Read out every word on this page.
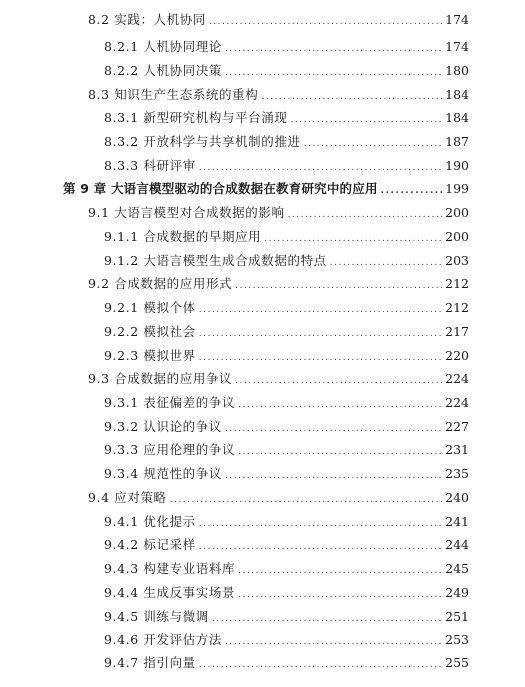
8.2 实践：人机协同 .....	174
8.2.1 人机协同理论 .....	174
8.2.2 人机协同决策 .....	180
8.3 知识生产生态系统的重构 .....	184
8.3.1 新型研究机构与平台涌现 .....	184
8.3.2 开放科学与共享机制的推进 .....	187
8.3.3 科研评审 .....	190
第 9 章 大语言模型驱动的合成数据在教育研究中的应用 .....	199
9.1 大语言模型对合成数据的影响 .....	200
9.1.1 合成数据的早期应用 .....	200
9.1.2 大语言模型生成合成数据的特点 .....	203
9.2 合成数据的应用形式 .....	212
9.2.1 模拟个体 .....	212
9.2.2 模拟社会 .....	217
9.2.3 模拟世界 .....	220
9.3 合成数据的应用争议 .....	224
9.3.1 表征偏差的争议 .....	224
9.3.2 认识论的争议 .....	227
9.3.3 应用伦理的争议 .....	231
9.3.4 规范性的争议 .....	235
9.4 应对策略 .....	240
9.4.1 优化提示 .....	241
9.4.2 标记采样 .....	244
9.4.3 构建专业语料库 .....	245
9.4.4 生成反事实场景 .....	249
9.4.5 训练与微调 .....	251
9.4.6 开发评估方法 .....	253
9.4.7 指引向量 .....	255
